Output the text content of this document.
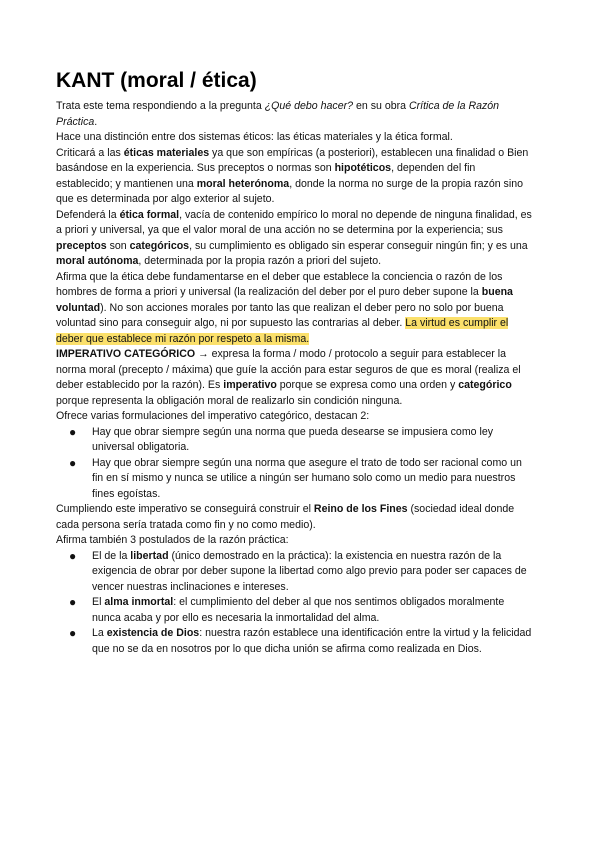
KANT (moral / ética)

Trata este tema respondiendo a la pregunta ¿Qué debo hacer? en su obra Crítica de la Razón Práctica.

Hace una distinción entre dos sistemas éticos: las éticas materiales y la ética formal.

Criticará a las éticas materiales ya que son empíricas (a posteriori), establecen una finalidad o Bien basándose en la experiencia. Sus preceptos o normas son hipotéticos, dependen del fin establecido; y mantienen una moral heterónoma, donde la norma no surge de la propia razón sino que es determinada por algo exterior al sujeto.

Defenderá la ética formal, vacía de contenido empírico lo moral no depende de ninguna finalidad, es a priori y universal, ya que el valor moral de una acción no se determina por la experiencia; sus preceptos son categóricos, su cumplimiento es obligado sin esperar conseguir ningún fin; y es una moral autónoma, determinada por la propia razón a priori del sujeto.

Afirma que la ética debe fundamentarse en el deber que establece la conciencia o razón de los hombres de forma a priori y universal (la realización del deber por el puro deber supone la buena voluntad). No son acciones morales por tanto las que realizan el deber pero no solo por buena voluntad sino para conseguir algo, ni por supuesto las contrarias al deber. La virtud es cumplir el deber que establece mi razón por respeto a la misma.

IMPERATIVO CATEGÓRICO → expresa la forma / modo / protocolo a seguir para establecer la norma moral (precepto / máxima) que guíe la acción para estar seguros de que es moral (realiza el deber establecido por la razón). Es imperativo porque se expresa como una orden y categórico porque representa la obligación moral de realizarlo sin condición ninguna.

Ofrece varias formulaciones del imperativo categórico, destacan 2:

● Hay que obrar siempre según una norma que pueda desearse se impusiera como ley universal obligatoria.
● Hay que obrar siempre según una norma que asegure el trato de todo ser racional como un fin en sí mismo y nunca se utilice a ningún ser humano solo como un medio para nuestros fines egoístas.

Cumpliendo este imperativo se conseguirá construir el Reino de los Fines (sociedad ideal donde cada persona sería tratada como fin y no como medio).

Afirma también 3 postulados de la razón práctica:

● El de la libertad (único demostrado en la práctica): la existencia en nuestra razón de la exigencia de obrar por deber supone la libertad como algo previo para poder ser capaces de vencer nuestras inclinaciones e intereses.
● El alma inmortal: el cumplimiento del deber al que nos sentimos obligados moralmente nunca acaba y por ello es necesaria la inmortalidad del alma.
● La existencia de Dios: nuestra razón establece una identificación entre la virtud y la felicidad que no se da en nosotros por lo que dicha unión se afirma como realizada en Dios.
